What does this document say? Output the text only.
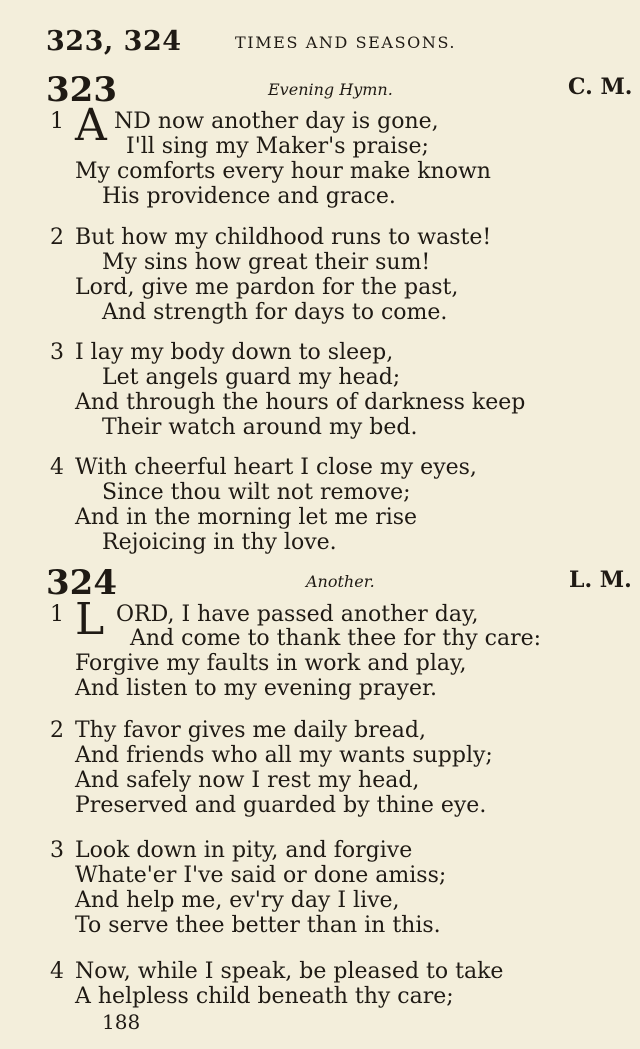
323, 324	TIMES AND SEASONS.
323	Evening Hymn.	C. M.
1 A ND now another day is gone,
I'll sing my Maker's praise;
My comforts every hour make known
His providence and grace.
2 But how my childhood runs to waste!
My sins how great their sum!
Lord, give me pardon for the past,
And strength for days to come.
3 I lay my body down to sleep,
Let angels guard my head;
And through the hours of darkness keep
Their watch around my bed.
4 With cheerful heart I close my eyes,
Since thou wilt not remove;
And in the morning let me rise
Rejoicing in thy love.
324	Another.	L. M.
1 L ORD, I have passed another day,
And come to thank thee for thy care:
Forgive my faults in work and play,
And listen to my evening prayer.
2 Thy favor gives me daily bread,
And friends who all my wants supply;
And safely now I rest my head,
Preserved and guarded by thine eye.
3 Look down in pity, and forgive
Whate'er I've said or done amiss;
And help me, ev'ry day I live,
To serve thee better than in this.
4 Now, while I speak, be pleased to take
A helpless child beneath thy care;
188
